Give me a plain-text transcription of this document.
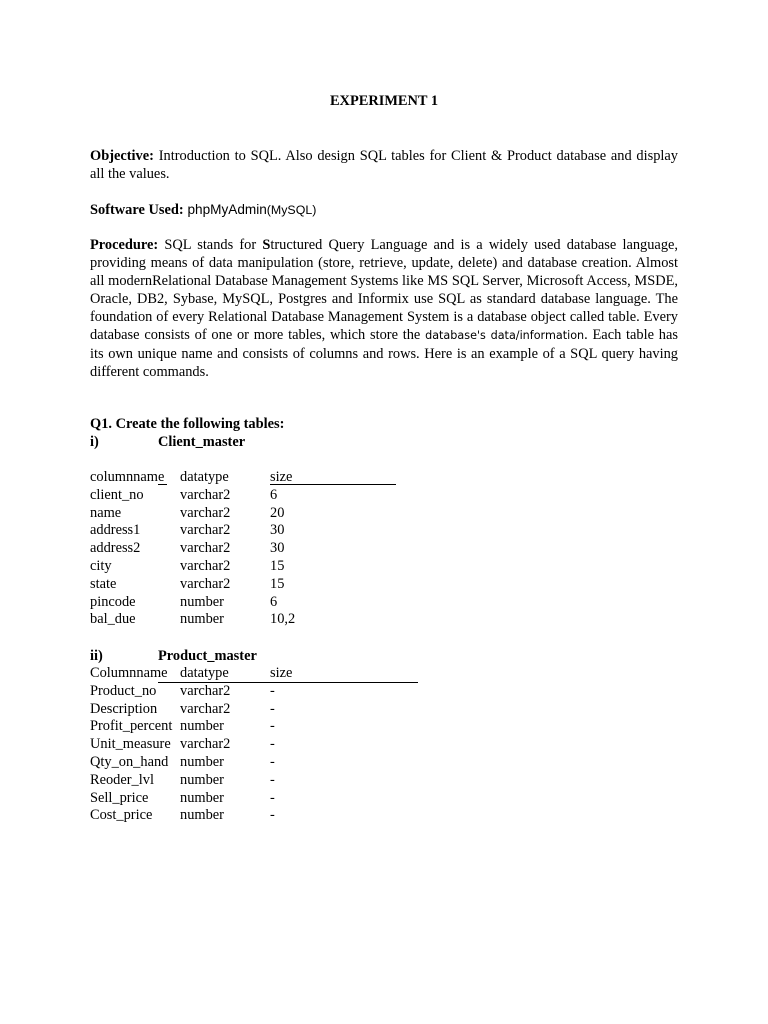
EXPERIMENT 1

Objective: Introduction to SQL. Also design SQL tables for Client & Product database and display all the values.

Software Used: phpMyAdmin(MySQL)

Procedure: SQL stands for Structured Query Language and is a widely used database language, providing means of data manipulation (store, retrieve, update, delete) and database creation. Almost all modernRelational Database Management Systems like MS SQL Server, Microsoft Access, MSDE, Oracle, DB2, Sybase, MySQL, Postgres and Informix use SQL as standard database language. The foundation of every Relational Database Management System is a database object called table. Every database consists of one or more tables, which store the database's data/information. Each table has its own unique name and consists of columns and rows. Here is an example of a SQL query having different commands.

Q1. Create the following tables:
i)	Client_master
columnname	datatype	size
client_no	varchar2	6
name	varchar2	20
address1	varchar2	30
address2	varchar2	30
city	varchar2	15
state	varchar2	15
pincode	number	6
bal_due	number	10,2
ii)	Product_master
Columnname	datatype	size
Product_no	varchar2	-
Description	varchar2	-
Profit_percent	number	-
Unit_measure	varchar2	-
Qty_on_hand	number	-
Reoder_lvl	number	-
Sell_price	number	-
Cost_price	number	-
